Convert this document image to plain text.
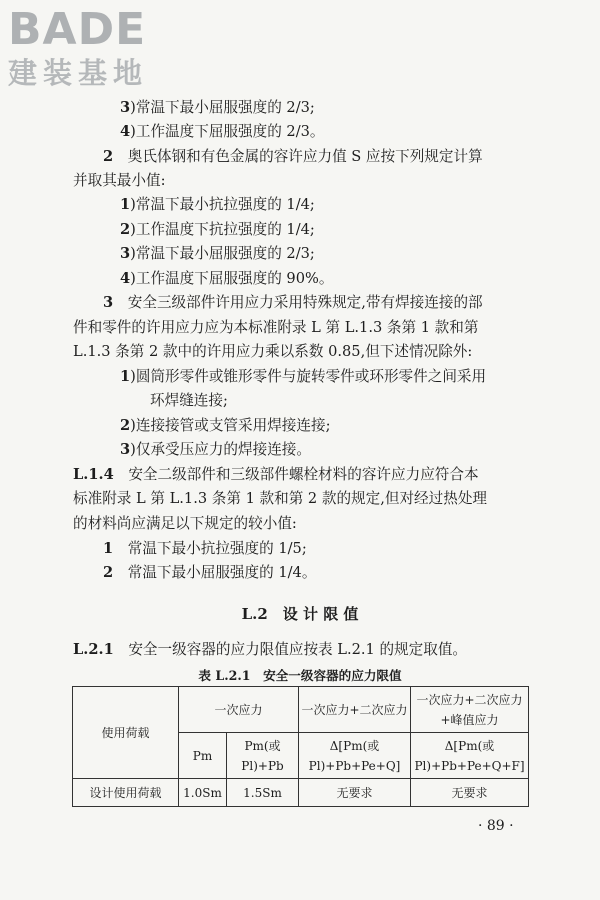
BADE
建装基地
3)常温下最小屈服强度的 2/3;
4)工作温度下屈服强度的 2/3。
2　奥氏体钢和有色金属的容许应力值 S 应按下列规定计算
并取其最小值:
1)常温下最小抗拉强度的 1/4;
2)工作温度下抗拉强度的 1/4;
3)常温下最小屈服强度的 2/3;
4)工作温度下屈服强度的 90%。
3　安全三级部件许用应力采用特殊规定,带有焊接连接的部
件和零件的许用应力应为本标准附录 L 第 L.1.3 条第 1 款和第
L.1.3 条第 2 款中的许用应力乘以系数 0.85,但下述情况除外:
1)圆筒形零件或锥形零件与旋转零件或环形零件之间采用
环焊缝连接;
2)连接接管或支管采用焊接连接;
3)仅承受压应力的焊接连接。
L.1.4　安全二级部件和三级部件螺栓材料的容许应力应符合本
标准附录 L 第 L.1.3 条第 1 款和第 2 款的规定,但对经过热处理
的材料尚应满足以下规定的较小值:
1　常温下最小抗拉强度的 1/5;
2　常温下最小屈服强度的 1/4。
L.2　设 计 限 值
L.2.1　安全一级容器的应力限值应按表 L.2.1 的规定取值。
表 L.2.1　安全一级容器的应力限值
使用荷载	一次应力		一次应力+二次应力	一次应力+二次应力+峰值应力
	Pm	Pm(或 Pl)+Pb	Δ[Pm(或 Pl)+Pb+Pe+Q]	Δ[Pm(或 Pl)+Pb+Pe+Q+F]
设计使用荷载	1.0Sm	1.5Sm	无要求	无要求
· 89 ·
